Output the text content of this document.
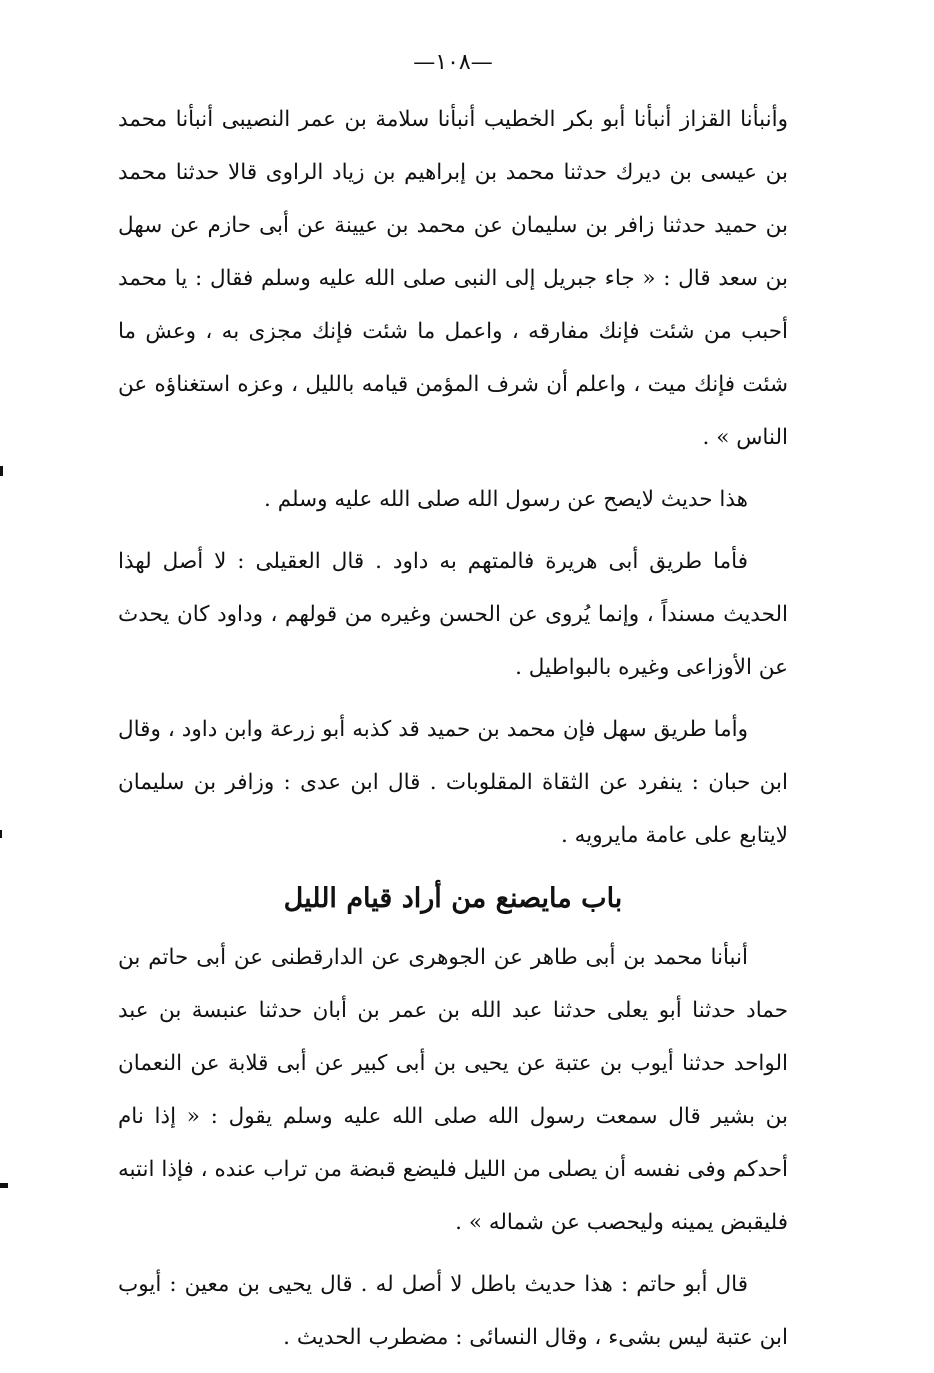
—١٠٨—

وأنبأنا القزاز أنبأنا أبو بكر الخطيب أنبأنا سلامة بن عمر النصيبى أنبأنا محمد بن عيسى بن ديرك حدثنا محمد بن إبراهيم بن زياد الراوى قالا حدثنا محمد بن حميد حدثنا زافر بن سليمان عن محمد بن عيينة عن أبى حازم عن سهل بن سعد قال : « جاء جبريل إلى النبى صلى الله عليه وسلم فقال : يا محمد أحبب من شئت فإنك مفارقه ، واعمل ما شئت فإنك مجزى به ، وعش ما شئت فإنك ميت ، واعلم أن شرف المؤمن قيامه بالليل ، وعزه استغناؤه عن الناس » .

هذا حديث لايصح عن رسول الله صلى الله عليه وسلم .

فأما طريق أبى هريرة فالمتهم به داود . قال العقيلى : لا أصل لهذا الحديث مسنداً ، وإنما يُروى عن الحسن وغيره من قولهم ، وداود كان يحدث عن الأوزاعى وغيره بالبواطيل .

وأما طريق سهل فإن محمد بن حميد قد كذبه أبو زرعة وابن داود ، وقال ابن حبان : ينفرد عن الثقاة المقلوبات . قال ابن عدى : وزافر بن سليمان لايتابع على عامة مايرويه .

باب مايصنع من أراد قيام الليل

أنبأنا محمد بن أبى طاهر عن الجوهرى عن الدارقطنى عن أبى حاتم بن حماد حدثنا أبو يعلى حدثنا عبد الله بن عمر بن أبان حدثنا عنبسة بن عبد الواحد حدثنا أيوب بن عتبة عن يحيى بن أبى كبير عن أبى قلابة عن النعمان بن بشير قال سمعت رسول الله صلى الله عليه وسلم يقول : « إذا نام أحدكم وفى نفسه أن يصلى من الليل فليضع قبضة من تراب عنده ، فإذا انتبه فليقبض يمينه وليحصب عن شماله » .

قال أبو حاتم : هذا حديث باطل لا أصل له . قال يحيى بن معين : أيوب ابن عتبة ليس بشىء ، وقال النسائى : مضطرب الحديث .
